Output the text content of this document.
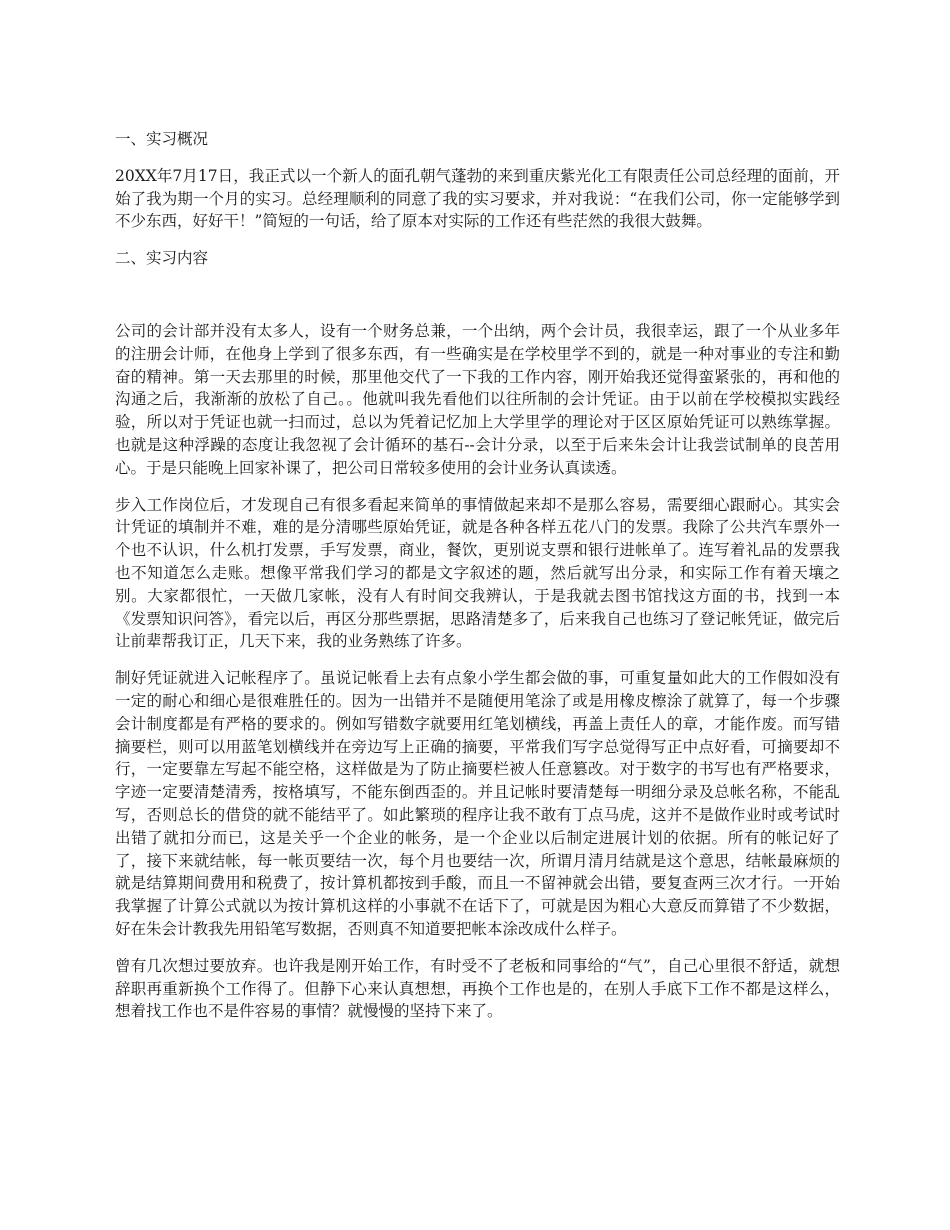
一、实习概况

20XX年7月17日，我正式以一个新人的面孔朝气蓬勃的来到重庆紫光化工有限责任公司总经理的面前，开始了我为期一个月的实习。总经理顺利的同意了我的实习要求，并对我说：“在我们公司，你一定能够学到不少东西，好好干！”简短的一句话，给了原本对实际的工作还有些茫然的我很大鼓舞。

二、实习内容

公司的会计部并没有太多人，设有一个财务总兼，一个出纳，两个会计员，我很幸运，跟了一个从业多年的注册会计师，在他身上学到了很多东西，有一些确实是在学校里学不到的，就是一种对事业的专注和勤奋的精神。第一天去那里的时候，那里他交代了一下我的工作内容，刚开始我还觉得蛮紧张的，再和他的沟通之后，我渐渐的放松了自己。。他就叫我先看他们以往所制的会计凭证。由于以前在学校模拟实践经验，所以对于凭证也就一扫而过，总以为凭着记忆加上大学里学的理论对于区区原始凭证可以熟练掌握。也就是这种浮躁的态度让我忽视了会计循环的基石--会计分录，以至于后来朱会计让我尝试制单的良苦用心。于是只能晚上回家补课了，把公司日常较多使用的会计业务认真读透。

步入工作岗位后，才发现自己有很多看起来简单的事情做起来却不是那么容易，需要细心跟耐心。其实会计凭证的填制并不难，难的是分清哪些原始凭证，就是各种各样五花八门的发票。我除了公共汽车票外一个也不认识，什么机打发票，手写发票，商业，餐饮，更别说支票和银行进帐单了。连写着礼品的发票我也不知道怎么走账。想像平常我们学习的都是文字叙述的题，然后就写出分录，和实际工作有着天壤之别。大家都很忙，一天做几家帐，没有人有时间交我辨认，于是我就去图书馆找这方面的书，找到一本《发票知识问答》，看完以后，再区分那些票据，思路清楚多了，后来我自己也练习了登记帐凭证，做完后让前辈帮我订正，几天下来，我的业务熟练了许多。

制好凭证就进入记帐程序了。虽说记帐看上去有点象小学生都会做的事，可重复量如此大的工作假如没有一定的耐心和细心是很难胜任的。因为一出错并不是随便用笔涂了或是用橡皮檫涂了就算了，每一个步骤会计制度都是有严格的要求的。例如写错数字就要用红笔划横线，再盖上责任人的章，才能作废。而写错摘要栏，则可以用蓝笔划横线并在旁边写上正确的摘要，平常我们写字总觉得写正中点好看，可摘要却不行，一定要靠左写起不能空格，这样做是为了防止摘要栏被人任意篡改。对于数字的书写也有严格要求，字迹一定要清楚清秀，按格填写，不能东倒西歪的。并且记帐时要清楚每一明细分录及总帐名称，不能乱写，否则总长的借贷的就不能结平了。如此繁琐的程序让我不敢有丁点马虎，这并不是做作业时或考试时出错了就扣分而已，这是关乎一个企业的帐务，是一个企业以后制定进展计划的依据。所有的帐记好了了，接下来就结帐，每一帐页要结一次，每个月也要结一次，所谓月清月结就是这个意思，结帐最麻烦的就是结算期间费用和税费了，按计算机都按到手酸，而且一不留神就会出错，要复查两三次才行。一开始我掌握了计算公式就以为按计算机这样的小事就不在话下了，可就是因为粗心大意反而算错了不少数据，好在朱会计教我先用铅笔写数据，否则真不知道要把帐本涂改成什么样子。

曾有几次想过要放弃。也许我是刚开始工作，有时受不了老板和同事给的“气”，自己心里很不舒适，就想辞职再重新换个工作得了。但静下心来认真想想，再换个工作也是的，在别人手底下工作不都是这样么，想着找工作也不是件容易的事情？就慢慢的坚持下来了。
